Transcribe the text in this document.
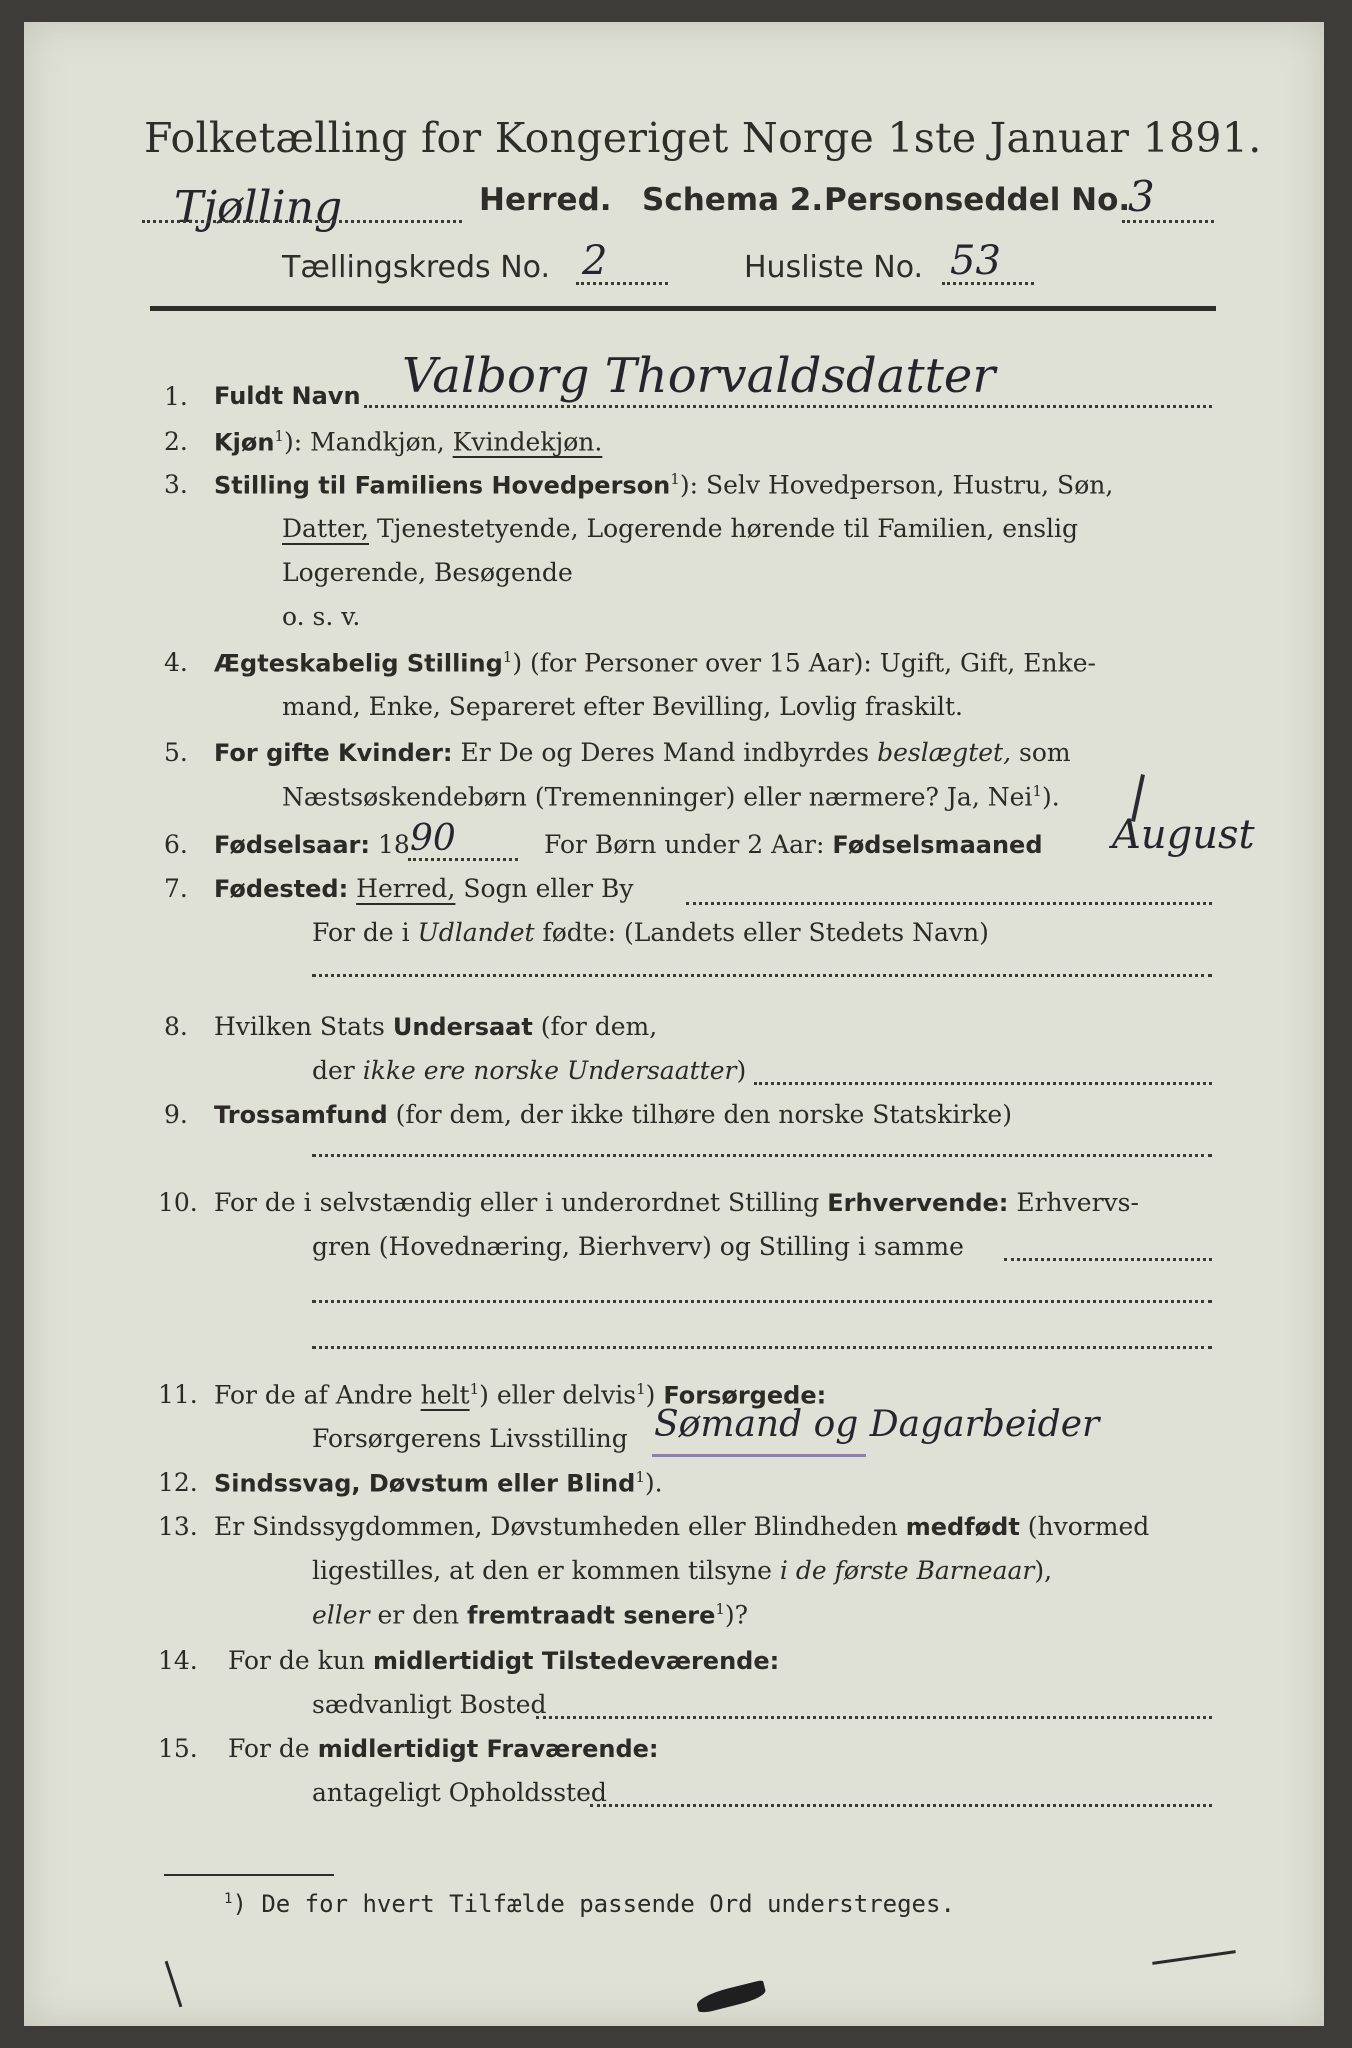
Folketælling for Kongeriget Norge 1ste Januar 1891.
Tjølling	Herred. Schema 2. Personseddel No.
3
Tællingskreds No. 2	Husliste No. 53
1. Fuldt Navn Valborg Thorvaldsdatter
2. Kjøn$^1$): Mandkjøn, Kvindekjøn.
3. Stilling til Familiens Hovedperson$^1$): Selv Hovedperson, Hustru, Søn,
Datter, Tjenestetyende, Logerende hørende til Familien, enslig
Logerende, Besøgende
o. s. v.
4. Ægteskabelig Stilling$^1$) (for Personer over 15 Aar): Ugift, Gift, Enke-
mand, Enke, Separeret efter Bevilling, Lovlig fraskilt.
5. For gifte Kvinder: Er De og Deres Mand indbyrdes beslægtet, som
Næstsøskendebørn (Tremenninger) eller nærmere? Ja, Nei$^1$).
6. Fødselsaar: 18 90	For Børn under 2 Aar: Fødselsmaaned August
7. Fødested: Herred, Sogn eller By
For de i Udlandet fødte: (Landets eller Stedets Navn)
8. Hvilken Stats Undersaat (for dem,
der ikke ere norske Undersaatter)
9. Trossamfund (for dem, der ikke tilhøre den norske Statskirke)
10. For de i selvstændig eller i underordnet Stilling Erhvervende: Erhvervs-
gren (Hovednæring, Bierhverv) og Stilling i samme
11. For de af Andre helt$^1$) eller delvis$^1$) Forsørgede:
Forsørgerens Livsstilling Sømand og Dagarbeider
12. Sindssvag, Døvstum eller Blind$^1$).
13. Er Sindssygdommen, Døvstumheden eller Blindheden medfødt (hvormed
ligestilles, at den er kommen tilsyne i de første Barneaar),
eller er den fremtraadt senere$^1$)?
14. For de kun midlertidigt Tilstedeværende:
sædvanligt Bosted
15. For de midlertidigt Fraværende:
antageligt Opholdssted
$^1$) De for hvert Tilfælde passende Ord understreges.
